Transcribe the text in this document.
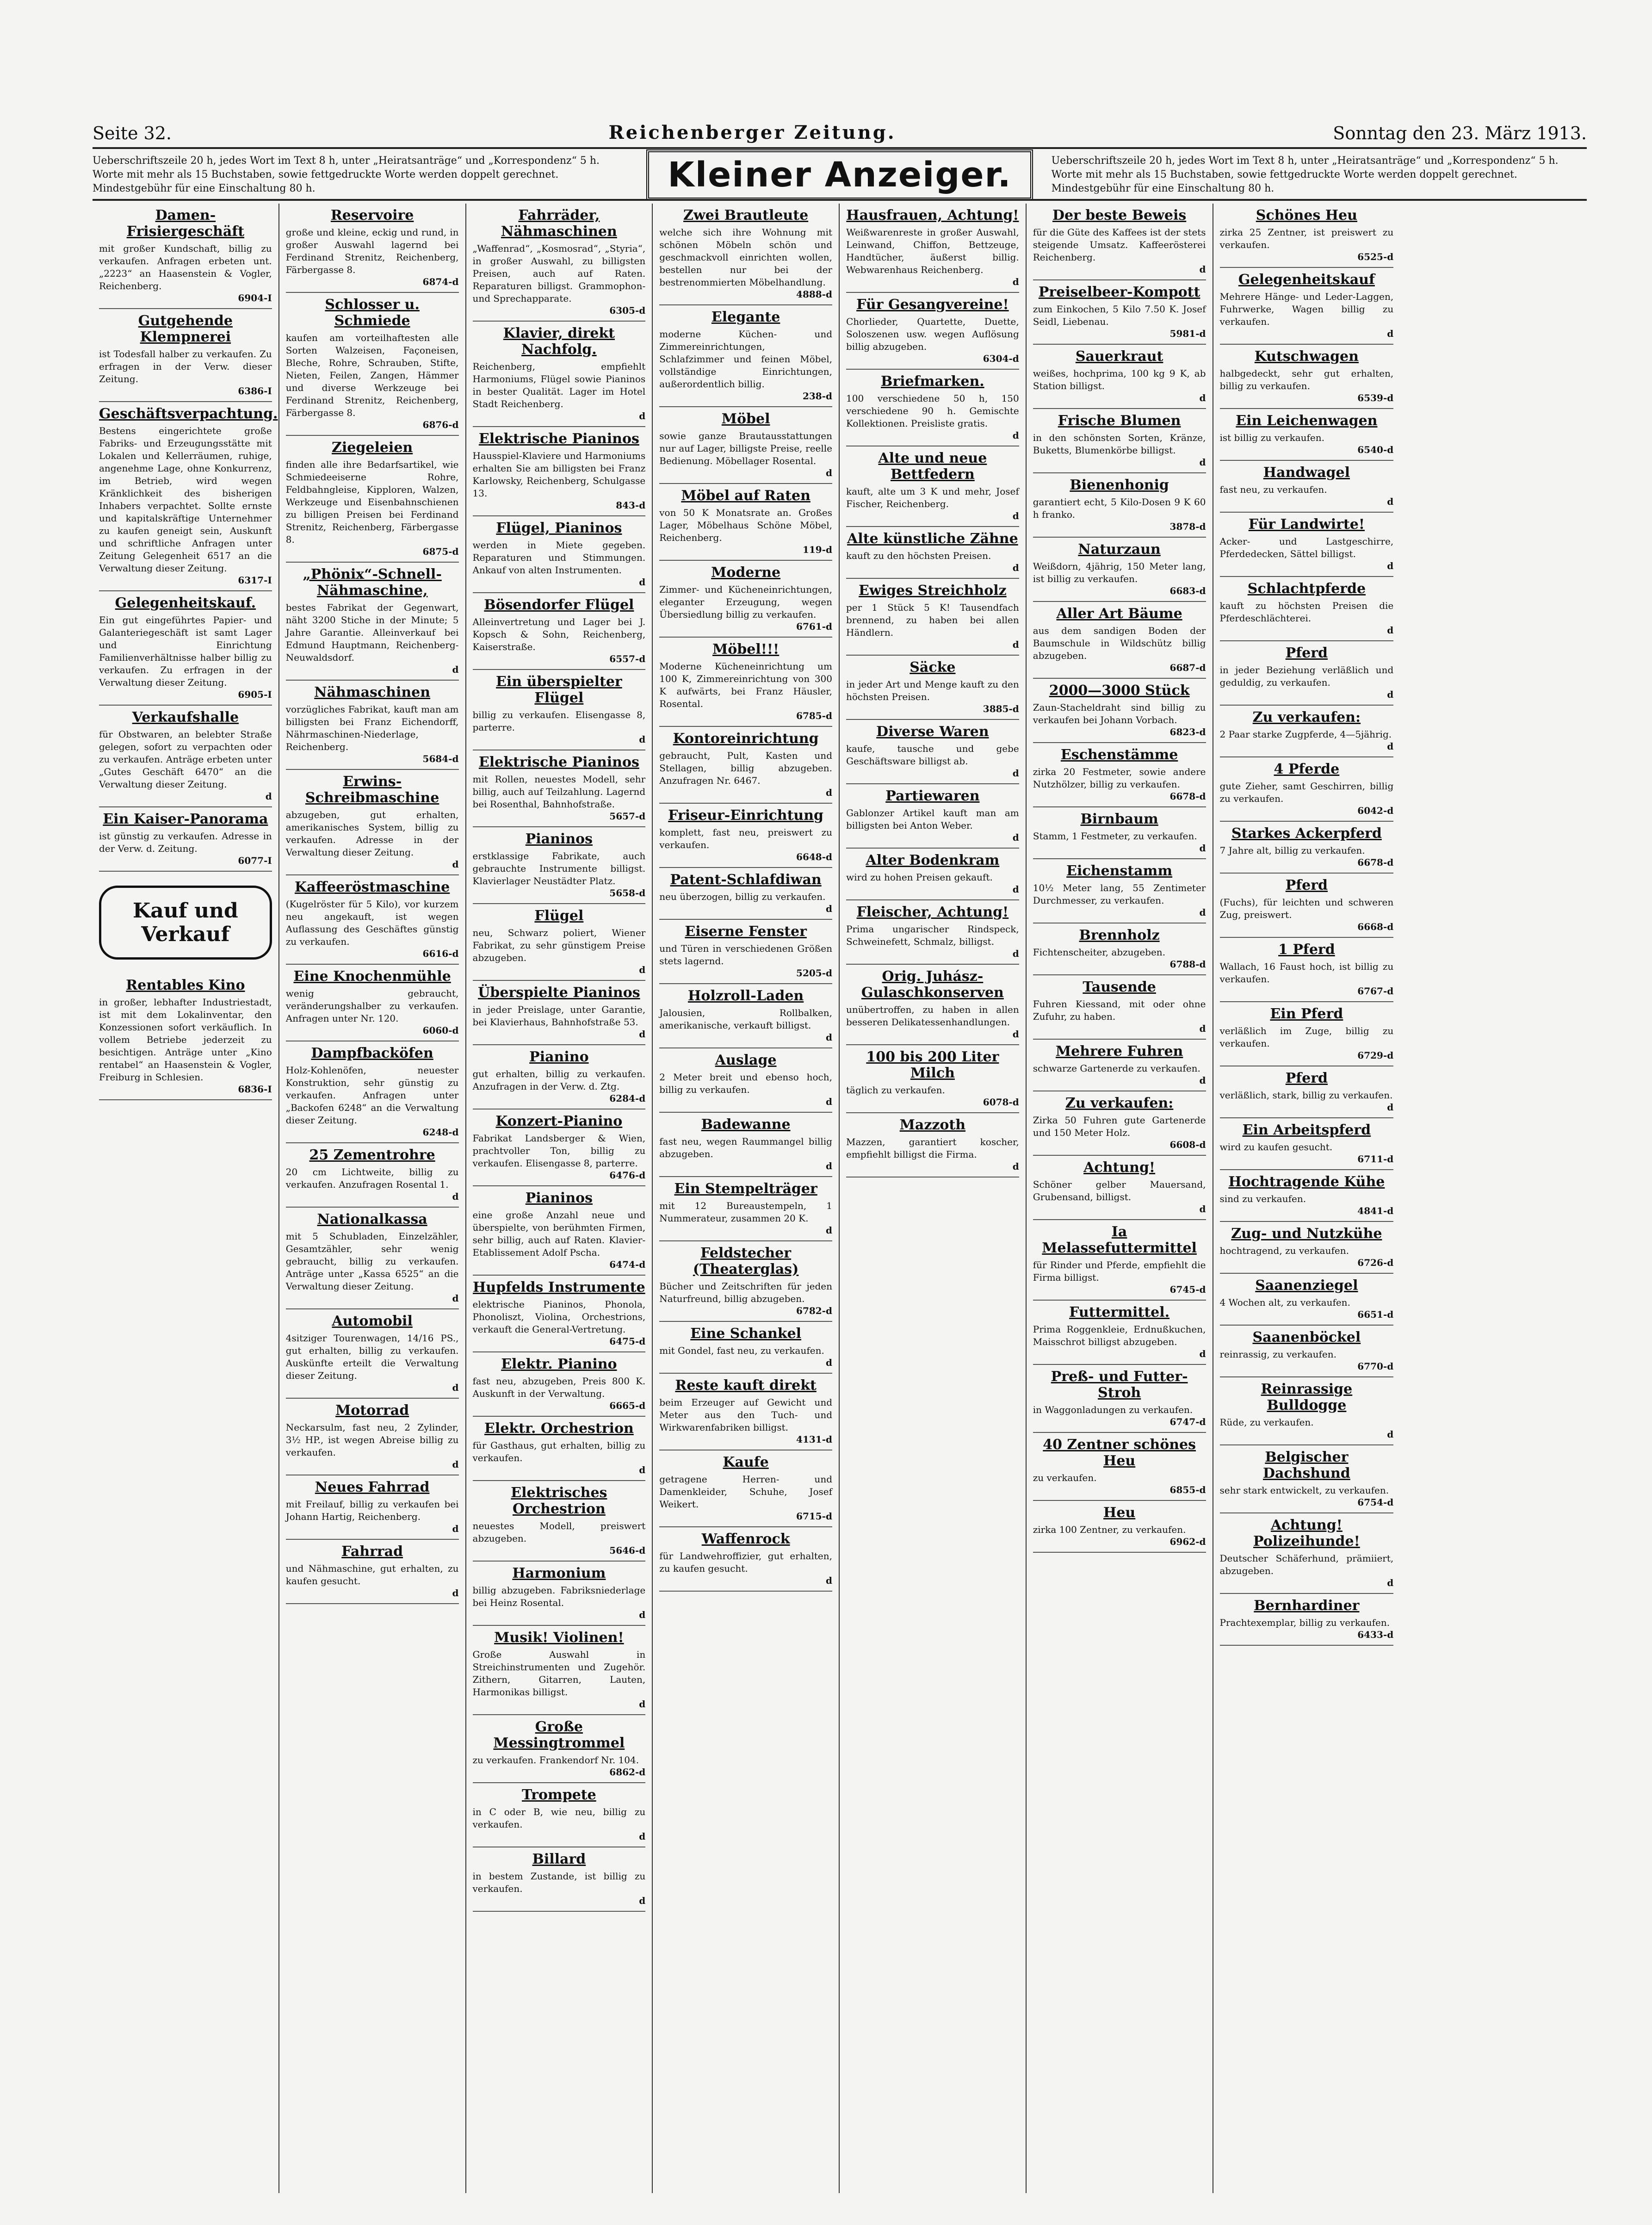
Seite 32.	Reichenberger Zeitung.	Sonntag den 23. März 1913.
Ueberschriftszeile 20 h, jedes Wort im Text 8 h, unter „Heiratsanträge“ und „Korrespondenz“ 5 h. Worte mit mehr als 15 Buchstaben, sowie fettgedruckte Worte werden doppelt gerechnet. Mindestgebühr für eine Einschaltung 80 h.	Kleiner Anzeiger.	Ueberschriftszeile 20 h, jedes Wort im Text 8 h, unter „Heiratsanträge“ und „Korrespondenz“ 5 h. Worte mit mehr als 15 Buchstaben, sowie fettgedruckte Worte werden doppelt gerechnet. Mindestgebühr für eine Einschaltung 80 h.
Damen-Frisiergeschäft

mit großer Kundschaft, billig zu verkaufen. Anfragen erbeten unt. „2223“ an Haasenstein & Vogler, Reichenberg.

6904-I
Gutgehende Klempnerei

ist Todesfall halber zu verkaufen. Zu erfragen in der Verw. dieser Zeitung.

6386-I
Geschäftsverpachtung.

Bestens eingerichtete große Fabriks- und Erzeugungsstätte mit Lokalen und Kellerräumen, ruhige, angenehme Lage, ohne Konkurrenz, im Betrieb, wird wegen Kränklichkeit des bisherigen Inhabers verpachtet. Sollte ernste und kapitalskräftige Unternehmer zu kaufen geneigt sein, Auskunft und schriftliche Anfragen unter Zeitung Gelegenheit 6517 an die Verwaltung dieser Zeitung.

6317-I
Gelegenheitskauf.

Ein gut eingeführtes Papier- und Galanteriegeschäft ist samt Lager und Einrichtung Familienverhältnisse halber billig zu verkaufen. Zu erfragen in der Verwaltung dieser Zeitung.

6905-I
Verkaufshalle

für Obstwaren, an belebter Straße gelegen, sofort zu verpachten oder zu verkaufen. Anträge erbeten unter „Gutes Geschäft 6470“ an die Verwaltung dieser Zeitung.

d
Ein Kaiser-Panorama

ist günstig zu verkaufen. Adresse in der Verw. d. Zeitung.

6077-I
Kauf und Verkauf
Rentables Kino

in großer, lebhafter Industriestadt, ist mit dem Lokalinventar, den Konzessionen sofort verkäuflich. In vollem Betriebe jederzeit zu besichtigen. Anträge unter „Kino rentabel“ an Haasenstein & Vogler, Freiburg in Schlesien.

6836-I
Reservoire

große und kleine, eckig und rund, in großer Auswahl lagernd bei Ferdinand Strenitz, Reichenberg, Färbergasse 8.

6874-d
Schlosser u. Schmiede

kaufen am vorteilhaftesten alle Sorten Walzeisen, Façoneisen, Bleche, Rohre, Schrauben, Stifte, Nieten, Feilen, Zangen, Hämmer und diverse Werkzeuge bei Ferdinand Strenitz, Reichenberg, Färbergasse 8.

6876-d
Ziegeleien

finden alle ihre Bedarfsartikel, wie Schmiedeeiserne Rohre, Feldbahngleise, Kipploren, Walzen, Werkzeuge und Eisenbahnschienen zu billigen Preisen bei Ferdinand Strenitz, Reichenberg, Färbergasse 8.

6875-d
„Phönix“-Schnell-Nähmaschine,

bestes Fabrikat der Gegenwart, näht 3200 Stiche in der Minute; 5 Jahre Garantie. Alleinverkauf bei Edmund Hauptmann, Reichenberg-Neuwaldsdorf.

d
Nähmaschinen

vorzügliches Fabrikat, kauft man am billigsten bei Franz Eichendorff, Nährmaschinen-Niederlage, Reichenberg.

5684-d
Erwins-Schreibmaschine

abzugeben, gut erhalten, amerikanisches System, billig zu verkaufen. Adresse in der Verwaltung dieser Zeitung.

d
Kaffeeröstmaschine

(Kugelröster für 5 Kilo), vor kurzem neu angekauft, ist wegen Auflassung des Geschäftes günstig zu verkaufen.

6616-d
Eine Knochenmühle

wenig gebraucht, veränderungshalber zu verkaufen. Anfragen unter Nr. 120.

6060-d
Dampfbacköfen

Holz-Kohlenöfen, neuester Konstruktion, sehr günstig zu verkaufen. Anfragen unter „Backofen 6248“ an die Verwaltung dieser Zeitung.

6248-d
25 Zementrohre

20 cm Lichtweite, billig zu verkaufen. Anzufragen Rosental 1.

d
Nationalkassa

mit 5 Schubladen, Einzelzähler, Gesamtzähler, sehr wenig gebraucht, billig zu verkaufen. Anträge unter „Kassa 6525“ an die Verwaltung dieser Zeitung.

d
Automobil

4sitziger Tourenwagen, 14/16 PS., gut erhalten, billig zu verkaufen. Auskünfte erteilt die Verwaltung dieser Zeitung.

d
Motorrad

Neckarsulm, fast neu, 2 Zylinder, 3½ HP., ist wegen Abreise billig zu verkaufen.

d
Neues Fahrrad

mit Freilauf, billig zu verkaufen bei Johann Hartig, Reichenberg.

d
Fahrrad

und Nähmaschine, gut erhalten, zu kaufen gesucht.

d
Fahrräder, Nähmaschinen

„Waffenrad“, „Kosmosrad“, „Styria“, in großer Auswahl, zu billigsten Preisen, auch auf Raten. Reparaturen billigst. Grammophon- und Sprechapparate.

6305-d
Klavier, direkt Nachfolg.

Reichenberg, empfiehlt Harmoniums, Flügel sowie Pianinos in bester Qualität. Lager im Hotel Stadt Reichenberg.

d
Elektrische Pianinos

Hausspiel-Klaviere und Harmoniums erhalten Sie am billigsten bei Franz Karlowsky, Reichenberg, Schulgasse 13.

843-d
Flügel, Pianinos

werden in Miete gegeben. Reparaturen und Stimmungen. Ankauf von alten Instrumenten.

d
Bösendorfer Flügel

Alleinvertretung und Lager bei J. Kopsch & Sohn, Reichenberg, Kaiserstraße.

6557-d
Ein überspielter Flügel

billig zu verkaufen. Elisengasse 8, parterre.

d
Elektrische Pianinos

mit Rollen, neuestes Modell, sehr billig, auch auf Teilzahlung. Lagernd bei Rosenthal, Bahnhofstraße.

5657-d
Pianinos

erstklassige Fabrikate, auch gebrauchte Instrumente billigst. Klavierlager Neustädter Platz.

5658-d
Flügel

neu, Schwarz poliert, Wiener Fabrikat, zu sehr günstigem Preise abzugeben.

d
Überspielte Pianinos

in jeder Preislage, unter Garantie, bei Klavierhaus, Bahnhofstraße 53.

d
Pianino

gut erhalten, billig zu verkaufen. Anzufragen in der Verw. d. Ztg.

6284-d
Konzert-Pianino

Fabrikat Landsberger & Wien, prachtvoller Ton, billig zu verkaufen. Elisengasse 8, parterre.

6476-d
Pianinos

eine große Anzahl neue und überspielte, von berühmten Firmen, sehr billig, auch auf Raten. Klavier-Etablissement Adolf Pscha.

6474-d
Hupfelds Instrumente

elektrische Pianinos, Phonola, Phonoliszt, Violina, Orchestrions, verkauft die General-Vertretung.

6475-d
Elektr. Pianino

fast neu, abzugeben, Preis 800 K. Auskunft in der Verwaltung.

6665-d
Elektr. Orchestrion

für Gasthaus, gut erhalten, billig zu verkaufen.

d
Elektrisches Orchestrion

neuestes Modell, preiswert abzugeben.

5646-d
Harmonium

billig abzugeben. Fabriksniederlage bei Heinz Rosental.

d
Musik! Violinen!

Große Auswahl in Streichinstrumenten und Zugehör. Zithern, Gitarren, Lauten, Harmonikas billigst.

d
Große Messingtrommel

zu verkaufen. Frankendorf Nr. 104.

6862-d
Trompete

in C oder B, wie neu, billig zu verkaufen.

d
Billard

in bestem Zustande, ist billig zu verkaufen.

d
Zwei Brautleute

welche sich ihre Wohnung mit schönen Möbeln schön und geschmackvoll einrichten wollen, bestellen nur bei der bestrenommierten Möbelhandlung.

4888-d
Elegante

moderne Küchen- und Zimmereinrichtungen, Schlafzimmer und feinen Möbel, vollständige Einrichtungen, außerordentlich billig.

238-d
Möbel

sowie ganze Brautausstattungen nur auf Lager, billigste Preise, reelle Bedienung. Möbellager Rosental.

d
Möbel auf Raten

von 50 K Monatsrate an. Großes Lager, Möbelhaus Schöne Möbel, Reichenberg.

119-d
Moderne

Zimmer- und Kücheneinrichtungen, eleganter Erzeugung, wegen Übersiedlung billig zu verkaufen.

6761-d
Möbel!!!

Moderne Kücheneinrichtung um 100 K, Zimmereinrichtung von 300 K aufwärts, bei Franz Häusler, Rosental.

6785-d
Kontoreinrichtung

gebraucht, Pult, Kasten und Stellagen, billig abzugeben. Anzufragen Nr. 6467.

d
Friseur-Einrichtung

komplett, fast neu, preiswert zu verkaufen.

6648-d
Patent-Schlafdiwan

neu überzogen, billig zu verkaufen.

d
Eiserne Fenster

und Türen in verschiedenen Größen stets lagernd.

5205-d
Holzroll-Laden

Jalousien, Rollbalken, amerikanische, verkauft billigst.

d
Auslage

2 Meter breit und ebenso hoch, billig zu verkaufen.

d
Badewanne

fast neu, wegen Raummangel billig abzugeben.

d
Ein Stempelträger

mit 12 Bureaustempeln, 1 Nummerateur, zusammen 20 K.

d
Feldstecher (Theaterglas)

Bücher und Zeitschriften für jeden Naturfreund, billig abzugeben.

6782-d
Eine Schankel

mit Gondel, fast neu, zu verkaufen.

d
Reste kauft direkt

beim Erzeuger auf Gewicht und Meter aus den Tuch- und Wirkwarenfabriken billigst.

4131-d
Kaufe

getragene Herren- und Damenkleider, Schuhe, Josef Weikert.

6715-d
Waffenrock

für Landwehroffizier, gut erhalten, zu kaufen gesucht.

d
Hausfrauen, Achtung!

Weißwarenreste in großer Auswahl, Leinwand, Chiffon, Bettzeuge, Handtücher, äußerst billig. Webwarenhaus Reichenberg.

d
Für Gesangvereine!

Chorlieder, Quartette, Duette, Soloszenen usw. wegen Auflösung billig abzugeben.

6304-d
Briefmarken.

100 verschiedene 50 h, 150 verschiedene 90 h. Gemischte Kollektionen. Preisliste gratis.

d
Alte und neue Bettfedern

kauft, alte um 3 K und mehr, Josef Fischer, Reichenberg.

d
Alte künstliche Zähne

kauft zu den höchsten Preisen.

d
Ewiges Streichholz

per 1 Stück 5 K! Tausendfach brennend, zu haben bei allen Händlern.

d
Säcke

in jeder Art und Menge kauft zu den höchsten Preisen.

3885-d
Diverse Waren

kaufe, tausche und gebe Geschäftsware billigst ab.

d
Partiewaren

Gablonzer Artikel kauft man am billigsten bei Anton Weber.

d
Alter Bodenkram

wird zu hohen Preisen gekauft.

d
Fleischer, Achtung!

Prima ungarischer Rindspeck, Schweinefett, Schmalz, billigst.

d
Orig. Juhász-Gulaschkonserven

unübertroffen, zu haben in allen besseren Delikatessenhandlungen.

d
100 bis 200 Liter Milch

täglich zu verkaufen.

6078-d
Mazzoth

Mazzen, garantiert koscher, empfiehlt billigst die Firma.

d
Der beste Beweis

für die Güte des Kaffees ist der stets steigende Umsatz. Kaffeerösterei Reichenberg.

d
Preiselbeer-Kompott

zum Einkochen, 5 Kilo 7.50 K. Josef Seidl, Liebenau.

5981-d
Sauerkraut

weißes, hochprima, 100 kg 9 K, ab Station billigst.

d
Frische Blumen

in den schönsten Sorten, Kränze, Buketts, Blumenkörbe billigst.

d
Bienenhonig

garantiert echt, 5 Kilo-Dosen 9 K 60 h franko.

3878-d
Naturzaun

Weißdorn, 4jährig, 150 Meter lang, ist billig zu verkaufen.

6683-d
Aller Art Bäume

aus dem sandigen Boden der Baumschule in Wildschütz billig abzugeben.

6687-d
2000—3000 Stück

Zaun-Stacheldraht sind billig zu verkaufen bei Johann Vorbach.

6823-d
Eschenstämme

zirka 20 Festmeter, sowie andere Nutzhölzer, billig zu verkaufen.

6678-d
Birnbaum

Stamm, 1 Festmeter, zu verkaufen.

d
Eichenstamm

10½ Meter lang, 55 Zentimeter Durchmesser, zu verkaufen.

d
Brennholz

Fichtenscheiter, abzugeben.

6788-d
Tausende

Fuhren Kiessand, mit oder ohne Zufuhr, zu haben.

d
Mehrere Fuhren

schwarze Gartenerde zu verkaufen.

d
Zu verkaufen:

Zirka 50 Fuhren gute Gartenerde und 150 Meter Holz.

6608-d
Achtung!

Schöner gelber Mauersand, Grubensand, billigst.

d
Ia Melassefuttermittel

für Rinder und Pferde, empfiehlt die Firma billigst.

6745-d
Futtermittel.

Prima Roggenkleie, Erdnußkuchen, Maisschrot billigst abzugeben.

d
Preß- und Futter-Stroh

in Waggonladungen zu verkaufen.

6747-d
40 Zentner schönes Heu

zu verkaufen.

6855-d
Heu

zirka 100 Zentner, zu verkaufen.

6962-d
Schönes Heu

zirka 25 Zentner, ist preiswert zu verkaufen.

6525-d
Gelegenheitskauf

Mehrere Hänge- und Leder-Laggen, Fuhrwerke, Wagen billig zu verkaufen.

d
Kutschwagen

halbgedeckt, sehr gut erhalten, billig zu verkaufen.

6539-d
Ein Leichenwagen

ist billig zu verkaufen.

6540-d
Handwagel

fast neu, zu verkaufen.

d
Für Landwirte!

Acker- und Lastgeschirre, Pferdedecken, Sättel billigst.

d
Schlachtpferde

kauft zu höchsten Preisen die Pferdeschlächterei.

d
Pferd

in jeder Beziehung verläßlich und geduldig, zu verkaufen.

d
Zu verkaufen:

2 Paar starke Zugpferde, 4—5jährig.

d
4 Pferde

gute Zieher, samt Geschirren, billig zu verkaufen.

6042-d
Starkes Ackerpferd

7 Jahre alt, billig zu verkaufen.

6678-d
Pferd

(Fuchs), für leichten und schweren Zug, preiswert.

6668-d
1 Pferd

Wallach, 16 Faust hoch, ist billig zu verkaufen.

6767-d
Ein Pferd

verläßlich im Zuge, billig zu verkaufen.

6729-d
Pferd

verläßlich, stark, billig zu verkaufen.

d
Ein Arbeitspferd

wird zu kaufen gesucht.

6711-d
Hochtragende Kühe

sind zu verkaufen.

4841-d
Zug- und Nutzkühe

hochtragend, zu verkaufen.

6726-d
Saanenziegel

4 Wochen alt, zu verkaufen.

6651-d
Saanenböckel

reinrassig, zu verkaufen.

6770-d
Reinrassige Bulldogge

Rüde, zu verkaufen.

d
Belgischer Dachshund

sehr stark entwickelt, zu verkaufen.

6754-d
Achtung! Polizeihunde!

Deutscher Schäferhund, prämiiert, abzugeben.

d
Bernhardiner

Prachtexemplar, billig zu verkaufen.

6433-d
